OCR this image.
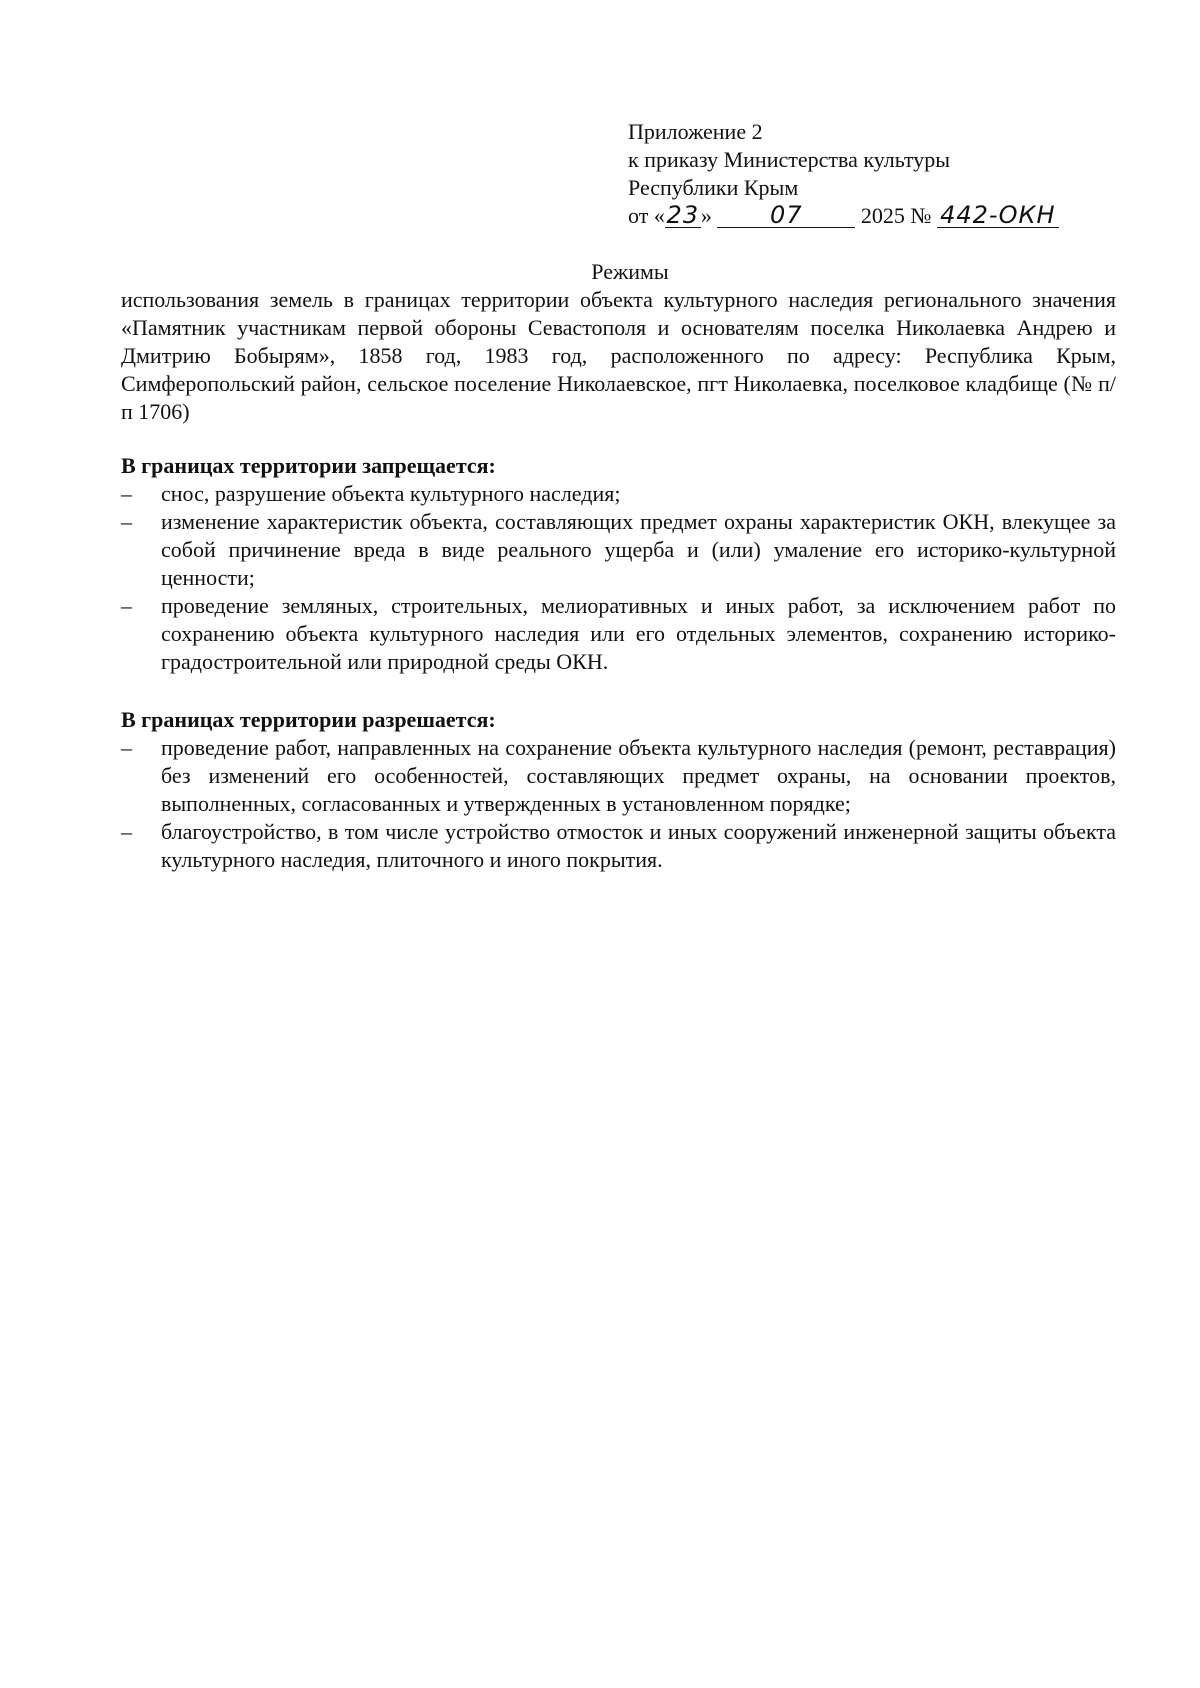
Приложение 2
к приказу Министерства культуры
Республики Крым
от «23» 07	2025 № 442-ОКН
Режимы

использования земель в границах территории объекта культурного наследия регионального значения «Памятник участникам первой обороны Севастополя и основателям поселка Николаевка Андрею и Дмитрию Бобырям», 1858 год, 1983 год, расположенного по адресу: Республика Крым, Симферопольский район, сельское поселение Николаевское, пгт Николаевка, поселковое кладбище (№ п/п 1706)

В границах территории запрещается:
– снос, разрушение объекта культурного наследия;
– изменение характеристик объекта, составляющих предмет охраны характеристик ОКН, влекущее за собой причинение вреда в виде реального ущерба и (или) умаление его историко-культурной ценности;
– проведение земляных, строительных, мелиоративных и иных работ, за исключением работ по сохранению объекта культурного наследия или его отдельных элементов, сохранению историко-градостроительной или природной среды ОКН.
В границах территории разрешается:
– проведение работ, направленных на сохранение объекта культурного наследия (ремонт, реставрация) без изменений его особенностей, составляющих предмет охраны, на основании проектов, выполненных, согласованных и утвержденных в установленном порядке;
– благоустройство, в том числе устройство отмосток и иных сооружений инженерной защиты объекта культурного наследия, плиточного и иного покрытия.
